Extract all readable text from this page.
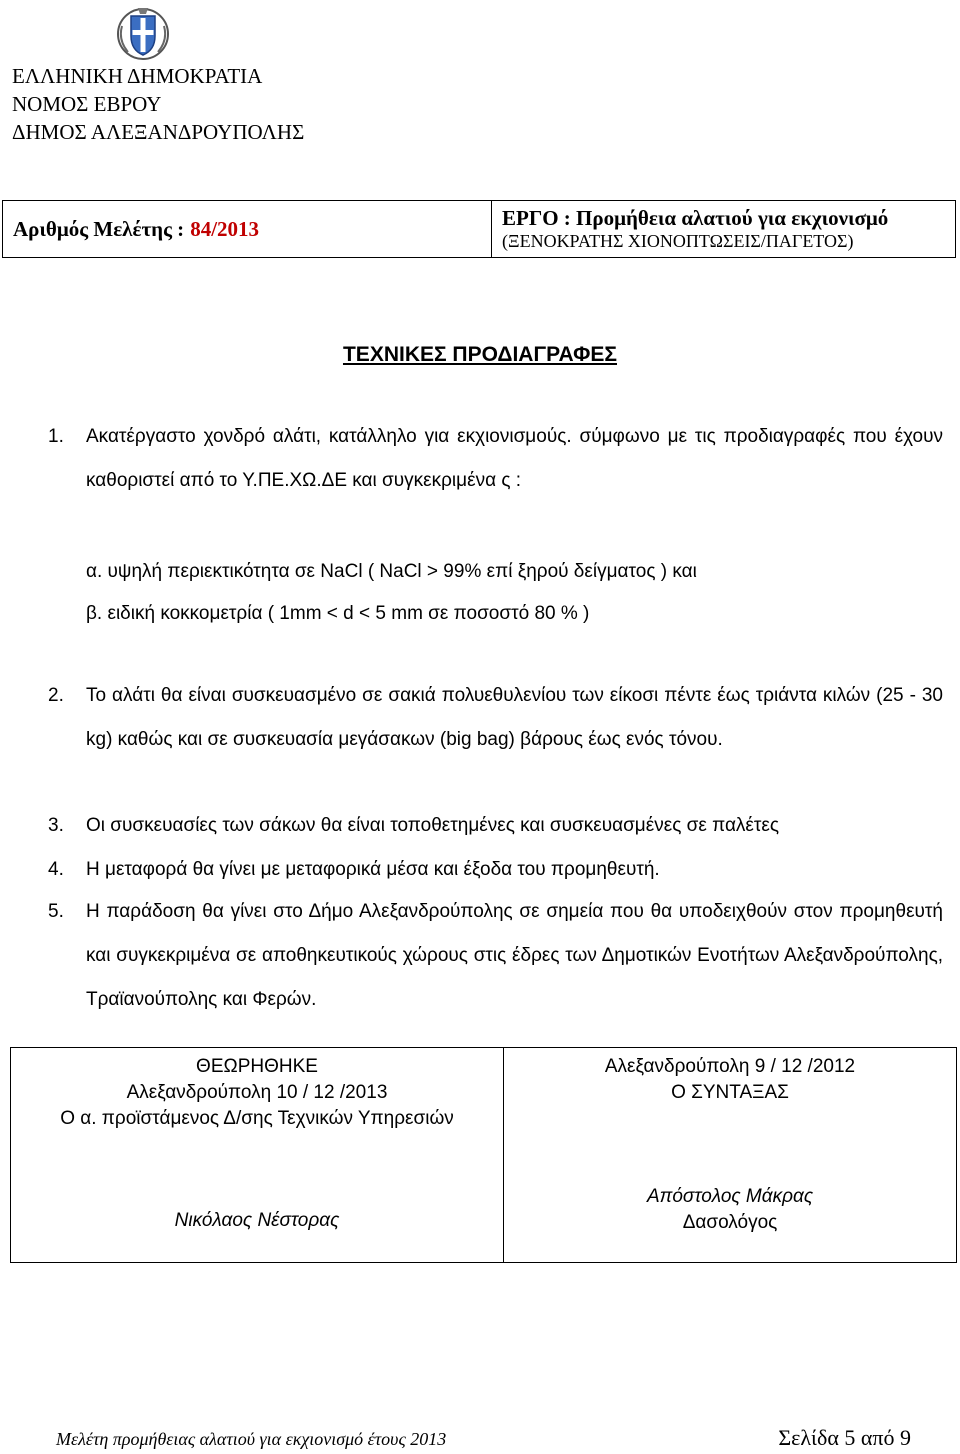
ΕΛΛΗΝΙΚΗ ΔΗΜΟΚΡΑΤΙΑ
ΝΟΜΟΣ ΕΒΡΟΥ
ΔΗΜΟΣ ΑΛΕΞΑΝΔΡΟΥΠΟΛΗΣ
Αριθμός Μελέτης : 84/2013	ΕΡΓΟ : Προμήθεια αλατιού για εκχιονισμό
(ΞΕΝΟΚΡΑΤΗΣ ΧΙΟΝΟΠΤΩΣΕΙΣ/ΠΑΓΕΤΟΣ)
ΤΕΧΝΙΚΕΣ ΠΡΟΔΙΑΓΡΑΦΕΣ
1. Ακατέργαστο χονδρό αλάτι, κατάλληλο για εκχιονισμούς. σύμφωνο με τις προδιαγραφές που έχουν καθοριστεί από το Υ.ΠΕ.ΧΩ.ΔΕ και συγκεκριμένα ς :
α. υψηλή περιεκτικότητα σε NaCl ( NaCl > 99% επί ξηρού δείγματος ) και
β. ειδική κοκκομετρία ( 1mm < d < 5 mm σε ποσοστό 80 % )
2. Το αλάτι θα είναι συσκευασμένο σε σακιά πολυεθυλενίου των είκοσι πέντε έως τριάντα κιλών (25 - 30 kg) καθώς και σε συσκευασία μεγάσακων (big bag) βάρους έως ενός τόνου.
3. Οι συσκευασίες των σάκων θα είναι τοποθετημένες και συσκευασμένες σε παλέτες
4. Η μεταφορά θα γίνει με μεταφορικά μέσα και έξοδα του προμηθευτή.
5. Η παράδοση θα γίνει στο Δήμο Αλεξανδρούπολης σε σημεία που θα υποδειχθούν στον προμηθευτή και συγκεκριμένα σε αποθηκευτικούς χώρους στις έδρες των Δημοτικών Ενοτήτων Αλεξανδρούπολης, Τραϊανούπολης και Φερών.
ΘΕΩΡΗΘΗΚΕ
Αλεξανδρούπολη 10 / 12 /2013
Ο α. προϊστάμενος Δ/σης Τεχνικών Υπηρεσιών
Νικόλαος Νέστορας
Αλεξανδρούπολη 9 / 12 /2012
Ο ΣΥΝΤΑΞΑΣ
Απόστολος Μάκρας
Δασολόγος
Μελέτη προμήθειας αλατιού για εκχιονισμό έτους 2013	Σελίδα 5 από 9
